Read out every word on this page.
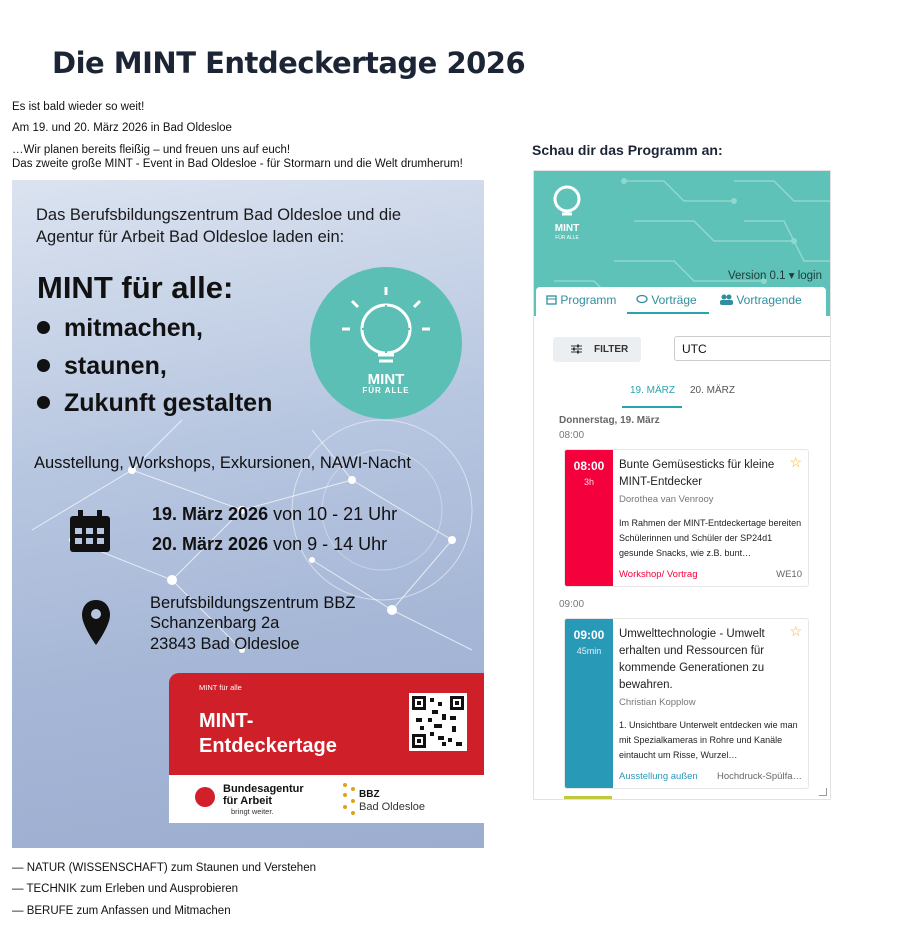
Die MINT Entdeckertage 2026
Es ist bald wieder so weit!
Am 19. und 20. März 2026 in Bad Oldesloe
…Wir planen bereits fleißig – und freuen uns auf euch!
Das zweite große MINT - Event in Bad Oldesloe - für Stormarn und die Welt drumherum!
Das Berufsbildungszentrum Bad Oldesloe und die Agentur für Arbeit Bad Oldesloe laden ein:
MINT für alle:
mitmachen,
staunen,
Zukunft gestalten
MINT
FÜR ALLE
Ausstellung, Workshops, Exkursionen, NAWI-Nacht
19. März 2026 von 10 - 21 Uhr
20. März 2026 von 9 - 14 Uhr
Berufsbildungszentrum BBZ
Schanzenbarg 2a
23843 Bad Oldesloe
MINT für alle
MINT-
Entdeckertage
Bundesagentur
für Arbeit
bringt weiter.
BBZ
Bad Oldesloe
— NATUR (WISSENSCHAFT) zum Staunen und Verstehen
— TECHNIK zum Erleben und Ausprobieren
— BERUFE zum Anfassen und Mitmachen
Schau dir das Programm an:
MINT
FÜR ALLE
Version 0.1 ▾ login
Programm	Vorträge	Vortragende
FILTER	UTC
19. MÄRZ 20. MÄRZ
Donnerstag, 19. März
08:00
08:00
3h
Bunte Gemüsesticks für kleine MINT-Entdecker
☆
Dorothea van Venrooy
Im Rahmen der MINT-Entdeckertage bereiten Schülerinnen und Schüler der SP24d1 gesunde Snacks, wie z.B. bunt…
Workshop/ Vortrag	WE10
09:00
09:00
45min
Umwelttechnologie - Umwelt erhalten und Ressourcen für kommende Generationen zu bewahren.
☆
Christian Kopplow
1. Unsichtbare Unterwelt entdecken wie man mit Spezialkameras in Rohre und Kanäle eintaucht um Risse, Wurzel…
Ausstellung außen Hochdruck-Spülfa…
